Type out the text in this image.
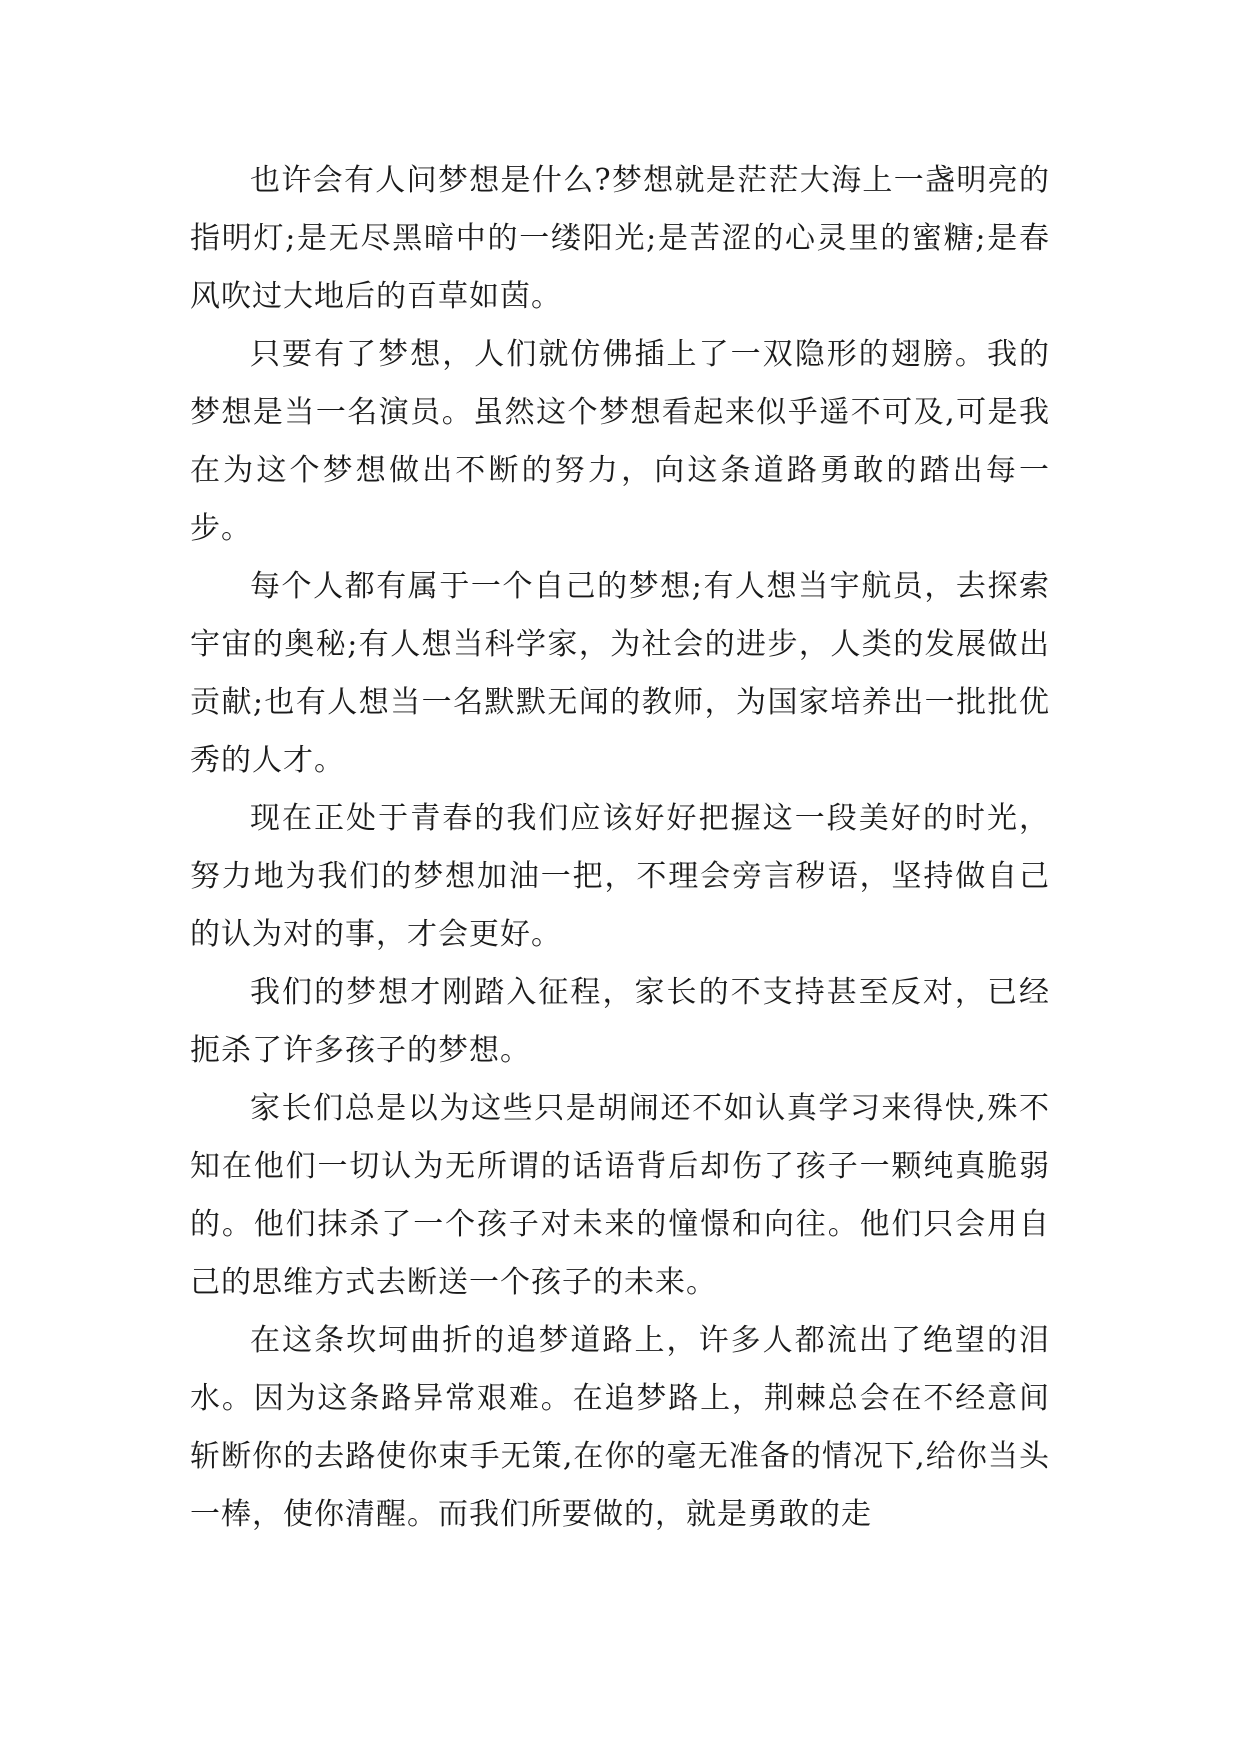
也许会有人问梦想是什么?梦想就是茫茫大海上一盏明亮的指明灯;是无尽黑暗中的一缕阳光;是苦涩的心灵里的蜜糖;是春风吹过大地后的百草如茵。

只要有了梦想，人们就仿佛插上了一双隐形的翅膀。我的梦想是当一名演员。虽然这个梦想看起来似乎遥不可及,可是我在为这个梦想做出不断的努力，向这条道路勇敢的踏出每一步。

每个人都有属于一个自己的梦想;有人想当宇航员，去探索宇宙的奥秘;有人想当科学家，为社会的进步，人类的发展做出贡献;也有人想当一名默默无闻的教师，为国家培养出一批批优秀的人才。

现在正处于青春的我们应该好好把握这一段美好的时光，努力地为我们的梦想加油一把，不理会旁言秽语，坚持做自己的认为对的事，才会更好。

我们的梦想才刚踏入征程，家长的不支持甚至反对，已经扼杀了许多孩子的梦想。

家长们总是以为这些只是胡闹还不如认真学习来得快,殊不知在他们一切认为无所谓的话语背后却伤了孩子一颗纯真脆弱的。他们抹杀了一个孩子对未来的憧憬和向往。他们只会用自己的思维方式去断送一个孩子的未来。

在这条坎坷曲折的追梦道路上，许多人都流出了绝望的泪水。因为这条路异常艰难。在追梦路上，荆棘总会在不经意间斩断你的去路使你束手无策,在你的毫无准备的情况下,给你当头一棒，使你清醒。而我们所要做的，就是勇敢的走
